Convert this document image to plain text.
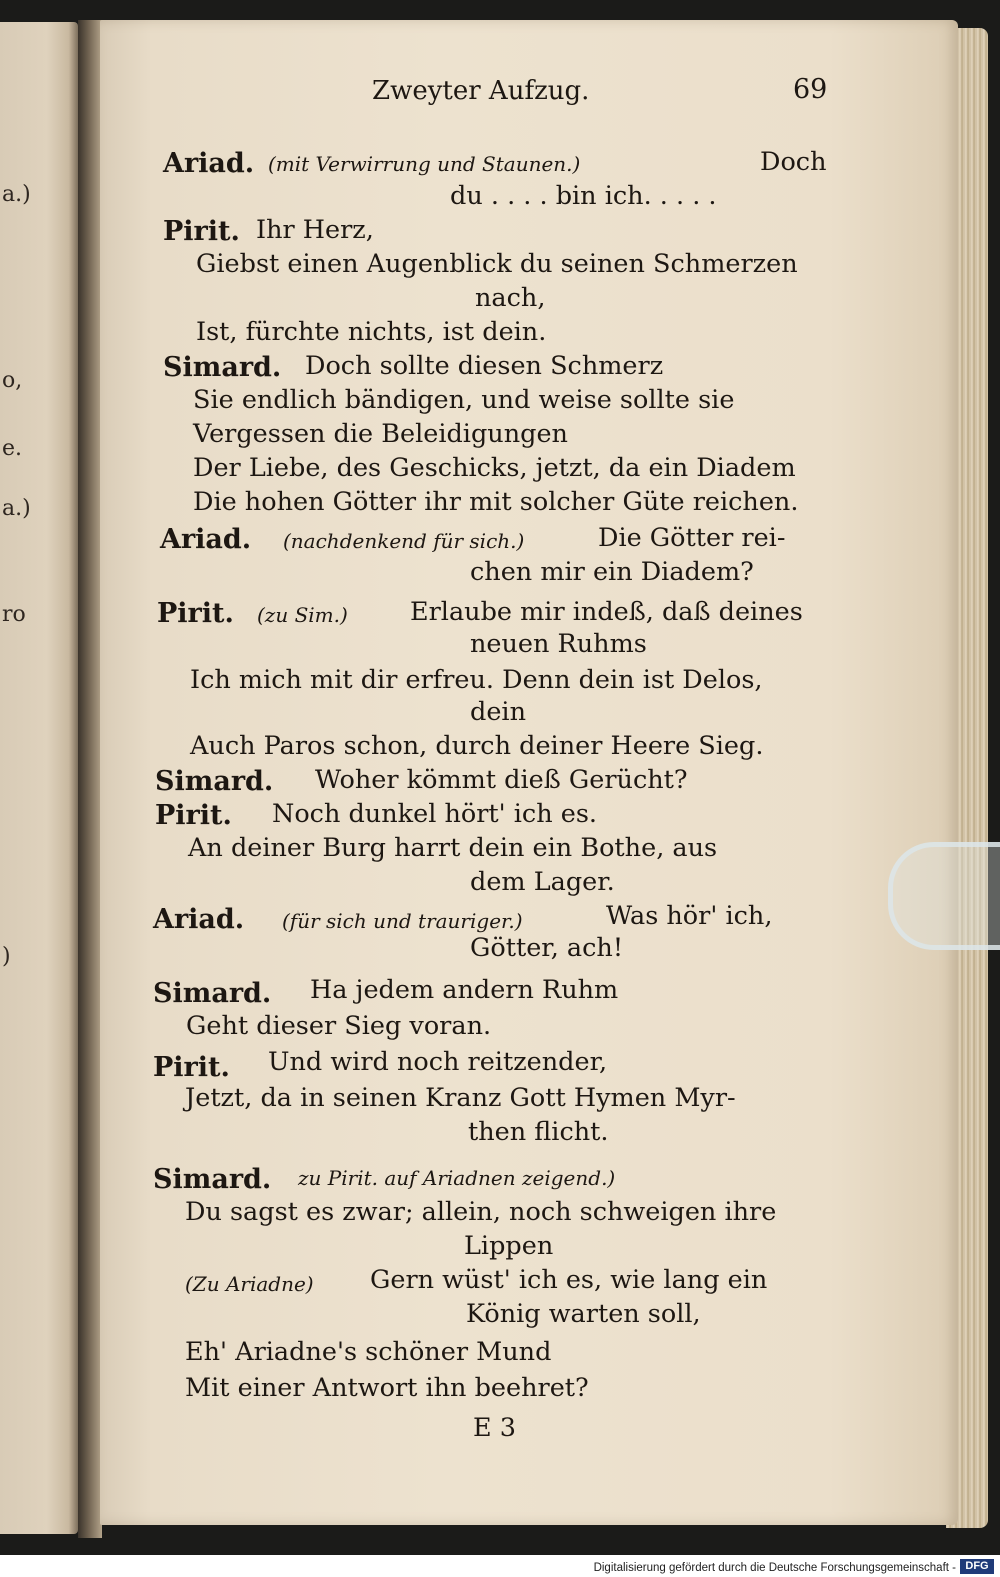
a.)
o,
e.
a.)
ro
)
Zweyter Aufzug.	69
Ariad. (mit Verwirrung und Staunen.)	Doch
du . . . . bin ich. . . . .
Pirit. Ihr Herz,
Giebst einen Augenblick du seinen Schmerzen
nach,
Ist, fürchte nichts, ist dein.
Simard. Doch sollte diesen Schmerz
Sie endlich bändigen, und weise sollte sie
Vergessen die Beleidigungen
Der Liebe, des Geschicks, jetzt, da ein Diadem
Die hohen Götter ihr mit solcher Güte reichen.
Ariad. (nachdenkend für sich.)	Die Götter rei-
chen mir ein Diadem?
Pirit. (zu Sim.) Erlaube mir indeß, daß deines
neuen Ruhms
Ich mich mit dir erfreu. Denn dein ist Delos,
dein
Auch Paros schon, durch deiner Heere Sieg.
Simard. Woher kömmt dieß Gerücht?
Pirit. Noch dunkel hört' ich es.
An deiner Burg harrt dein ein Bothe, aus
dem Lager.
Ariad. (für sich und trauriger.)	Was hör' ich,
Götter, ach!
Simard. Ha jedem andern Ruhm
Geht dieser Sieg voran.
Pirit. Und wird noch reitzender,
Jetzt, da in seinen Kranz Gott Hymen Myr-
then flicht.
Simard. zu Pirit. auf Ariadnen zeigend.)
Du sagst es zwar; allein, noch schweigen ihre
Lippen
(Zu Ariadne) Gern wüst' ich es, wie lang ein
König warten soll,
Eh' Ariadne's schöner Mund
Mit einer Antwort ihn beehret?
E 3
Digitalisierung gefördert durch die Deutsche Forschungsgemeinschaft - DFG
